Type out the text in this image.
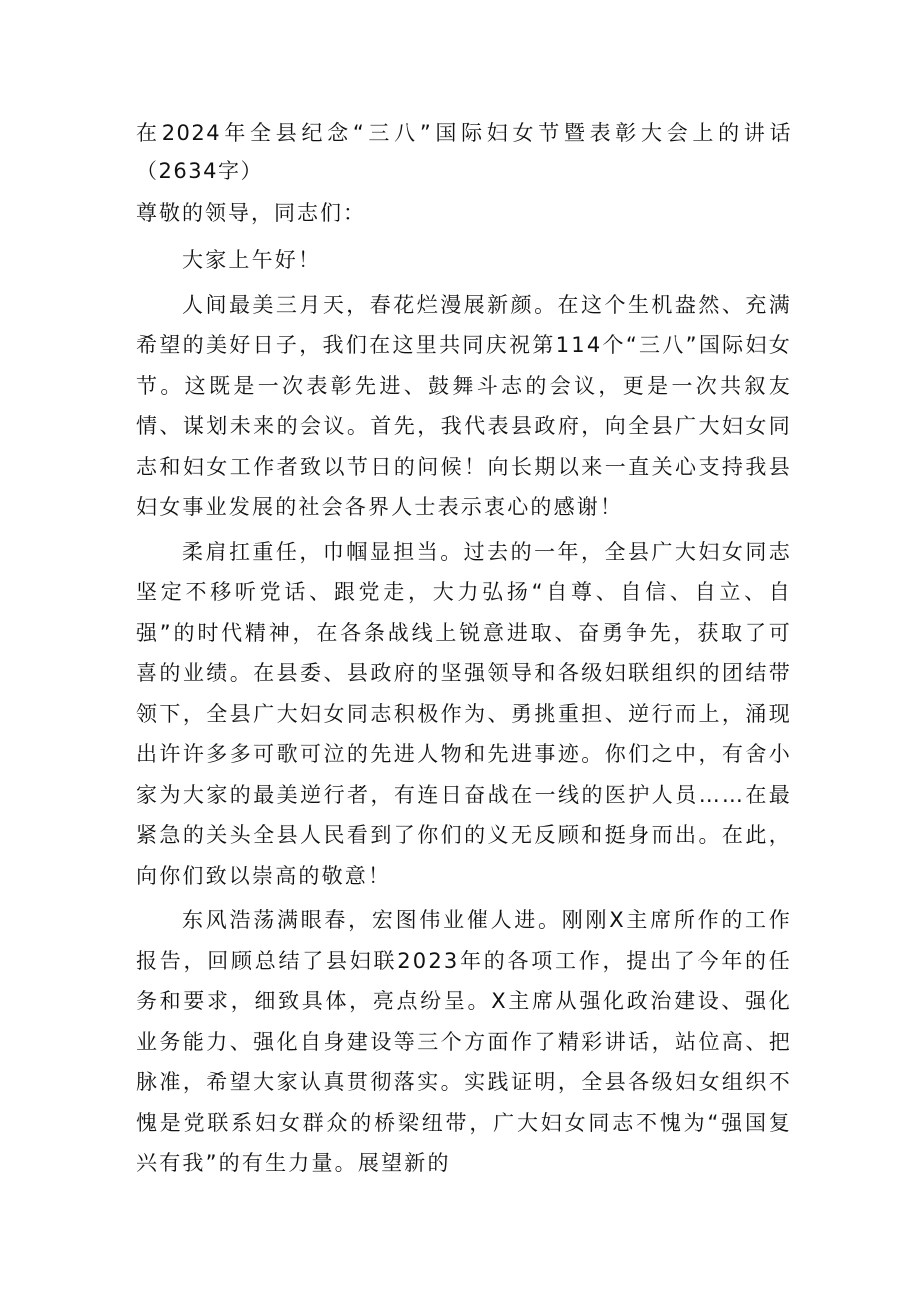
在2024年全县纪念“三八”国际妇女节暨表彰大会上的讲话（2634字）

尊敬的领导，同志们：

大家上午好！

人间最美三月天，春花烂漫展新颜。在这个生机盎然、充满希望的美好日子，我们在这里共同庆祝第114个“三八”国际妇女节。这既是一次表彰先进、鼓舞斗志的会议，更是一次共叙友情、谋划未来的会议。首先，我代表县政府，向全县广大妇女同志和妇女工作者致以节日的问候！向长期以来一直关心支持我县妇女事业发展的社会各界人士表示衷心的感谢！

柔肩扛重任，巾帼显担当。过去的一年，全县广大妇女同志坚定不移听党话、跟党走，大力弘扬“自尊、自信、自立、自强”的时代精神，在各条战线上锐意进取、奋勇争先，获取了可喜的业绩。在县委、县政府的坚强领导和各级妇联组织的团结带领下，全县广大妇女同志积极作为、勇挑重担、逆行而上，涌现出许许多多可歌可泣的先进人物和先进事迹。你们之中，有舍小家为大家的最美逆行者，有连日奋战在一线的医护人员……在最紧急的关头全县人民看到了你们的义无反顾和挺身而出。在此，向你们致以崇高的敬意！

东风浩荡满眼春，宏图伟业催人进。刚刚X主席所作的工作报告，回顾总结了县妇联2023年的各项工作，提出了今年的任务和要求，细致具体，亮点纷呈。X主席从强化政治建设、强化业务能力、强化自身建设等三个方面作了精彩讲话，站位高、把脉准，希望大家认真贯彻落实。实践证明，全县各级妇女组织不愧是党联系妇女群众的桥梁纽带，广大妇女同志不愧为“强国复兴有我”的有生力量。展望新的
